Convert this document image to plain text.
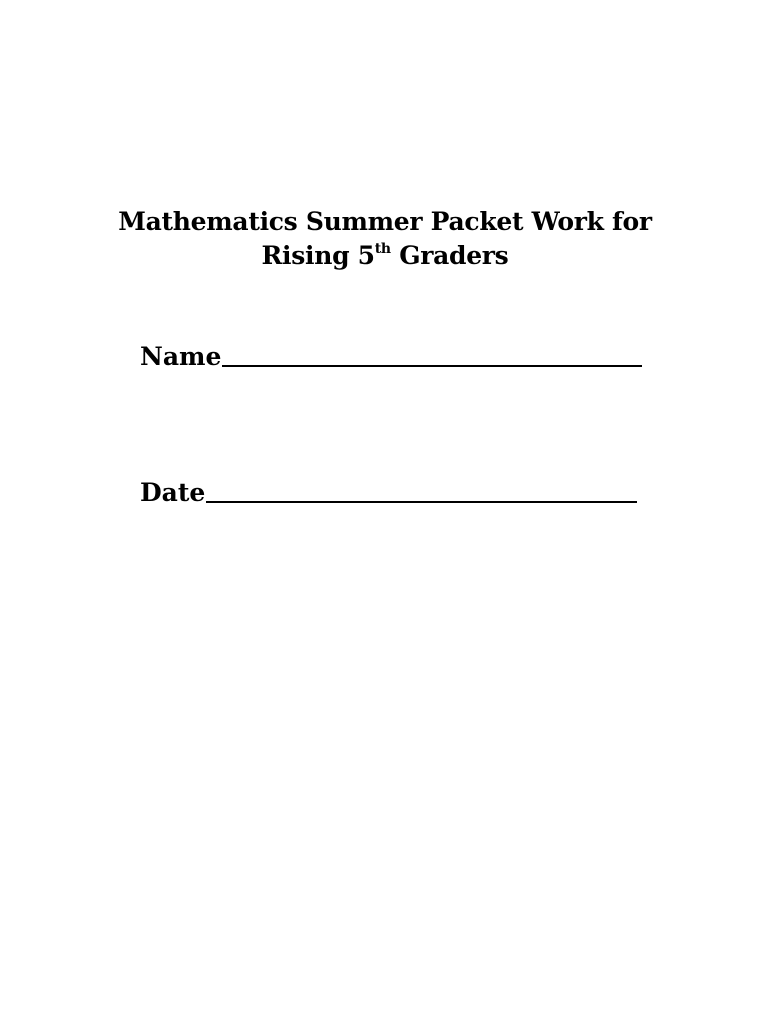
Mathematics Summer Packet Work for
Rising 5th Graders
Name
Date
